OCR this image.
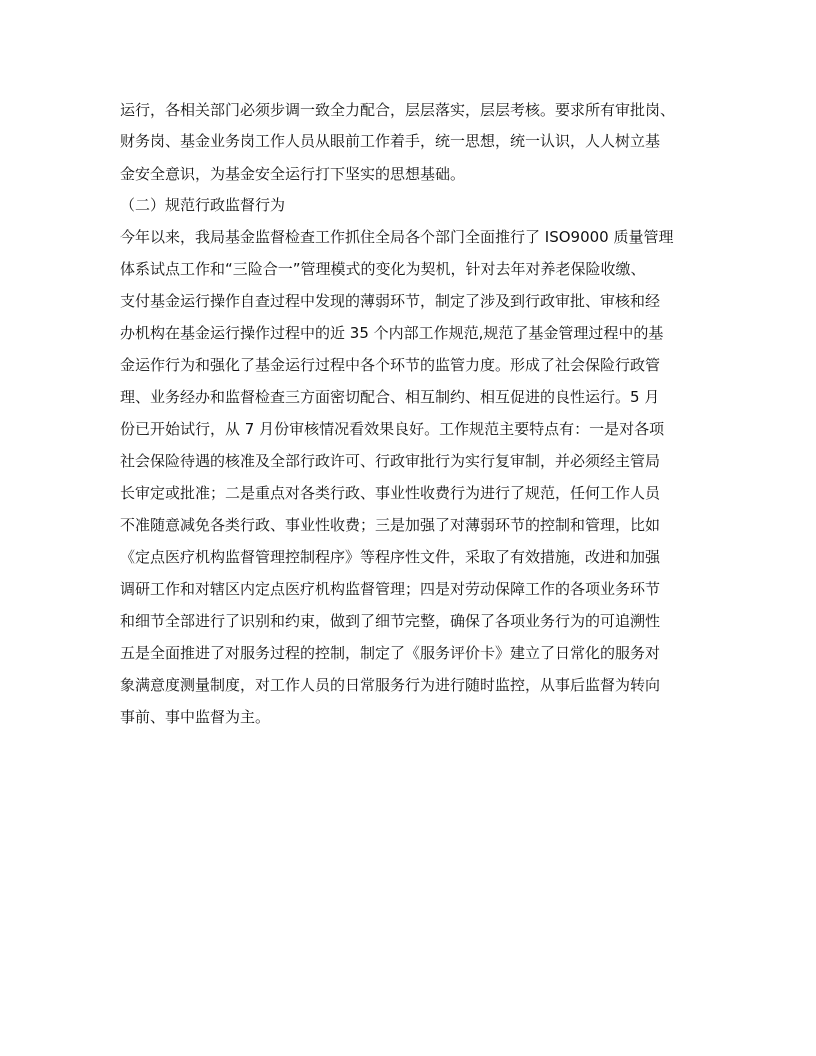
运行，各相关部门必须步调一致全力配合，层层落实，层层考核。要求所有审批岗、
财务岗、基金业务岗工作人员从眼前工作着手，统一思想，统一认识，人人树立基
金安全意识，为基金安全运行打下坚实的思想基础。
（二）规范行政监督行为
今年以来，我局基金监督检查工作抓住全局各个部门全面推行了 ISO9000 质量管理
体系试点工作和“三险合一”管理模式的变化为契机，针对去年对养老保险收缴、
支付基金运行操作自查过程中发现的薄弱环节，制定了涉及到行政审批、审核和经
办机构在基金运行操作过程中的近 35 个内部工作规范,规范了基金管理过程中的基
金运作行为和强化了基金运行过程中各个环节的监管力度。形成了社会保险行政管
理、业务经办和监督检查三方面密切配合、相互制约、相互促进的良性运行。5 月
份已开始试行，从 7 月份审核情况看效果良好。工作规范主要特点有：一是对各项
社会保险待遇的核准及全部行政许可、行政审批行为实行复审制，并必须经主管局
长审定或批准；二是重点对各类行政、事业性收费行为进行了规范，任何工作人员
不准随意减免各类行政、事业性收费；三是加强了对薄弱环节的控制和管理，比如
《定点医疗机构监督管理控制程序》等程序性文件，采取了有效措施，改进和加强
调研工作和对辖区内定点医疗机构监督管理；四是对劳动保障工作的各项业务环节
和细节全部进行了识别和约束，做到了细节完整，确保了各项业务行为的可追溯性
五是全面推进了对服务过程的控制，制定了《服务评价卡》建立了日常化的服务对
象满意度测量制度，对工作人员的日常服务行为进行随时监控，从事后监督为转向
事前、事中监督为主。
